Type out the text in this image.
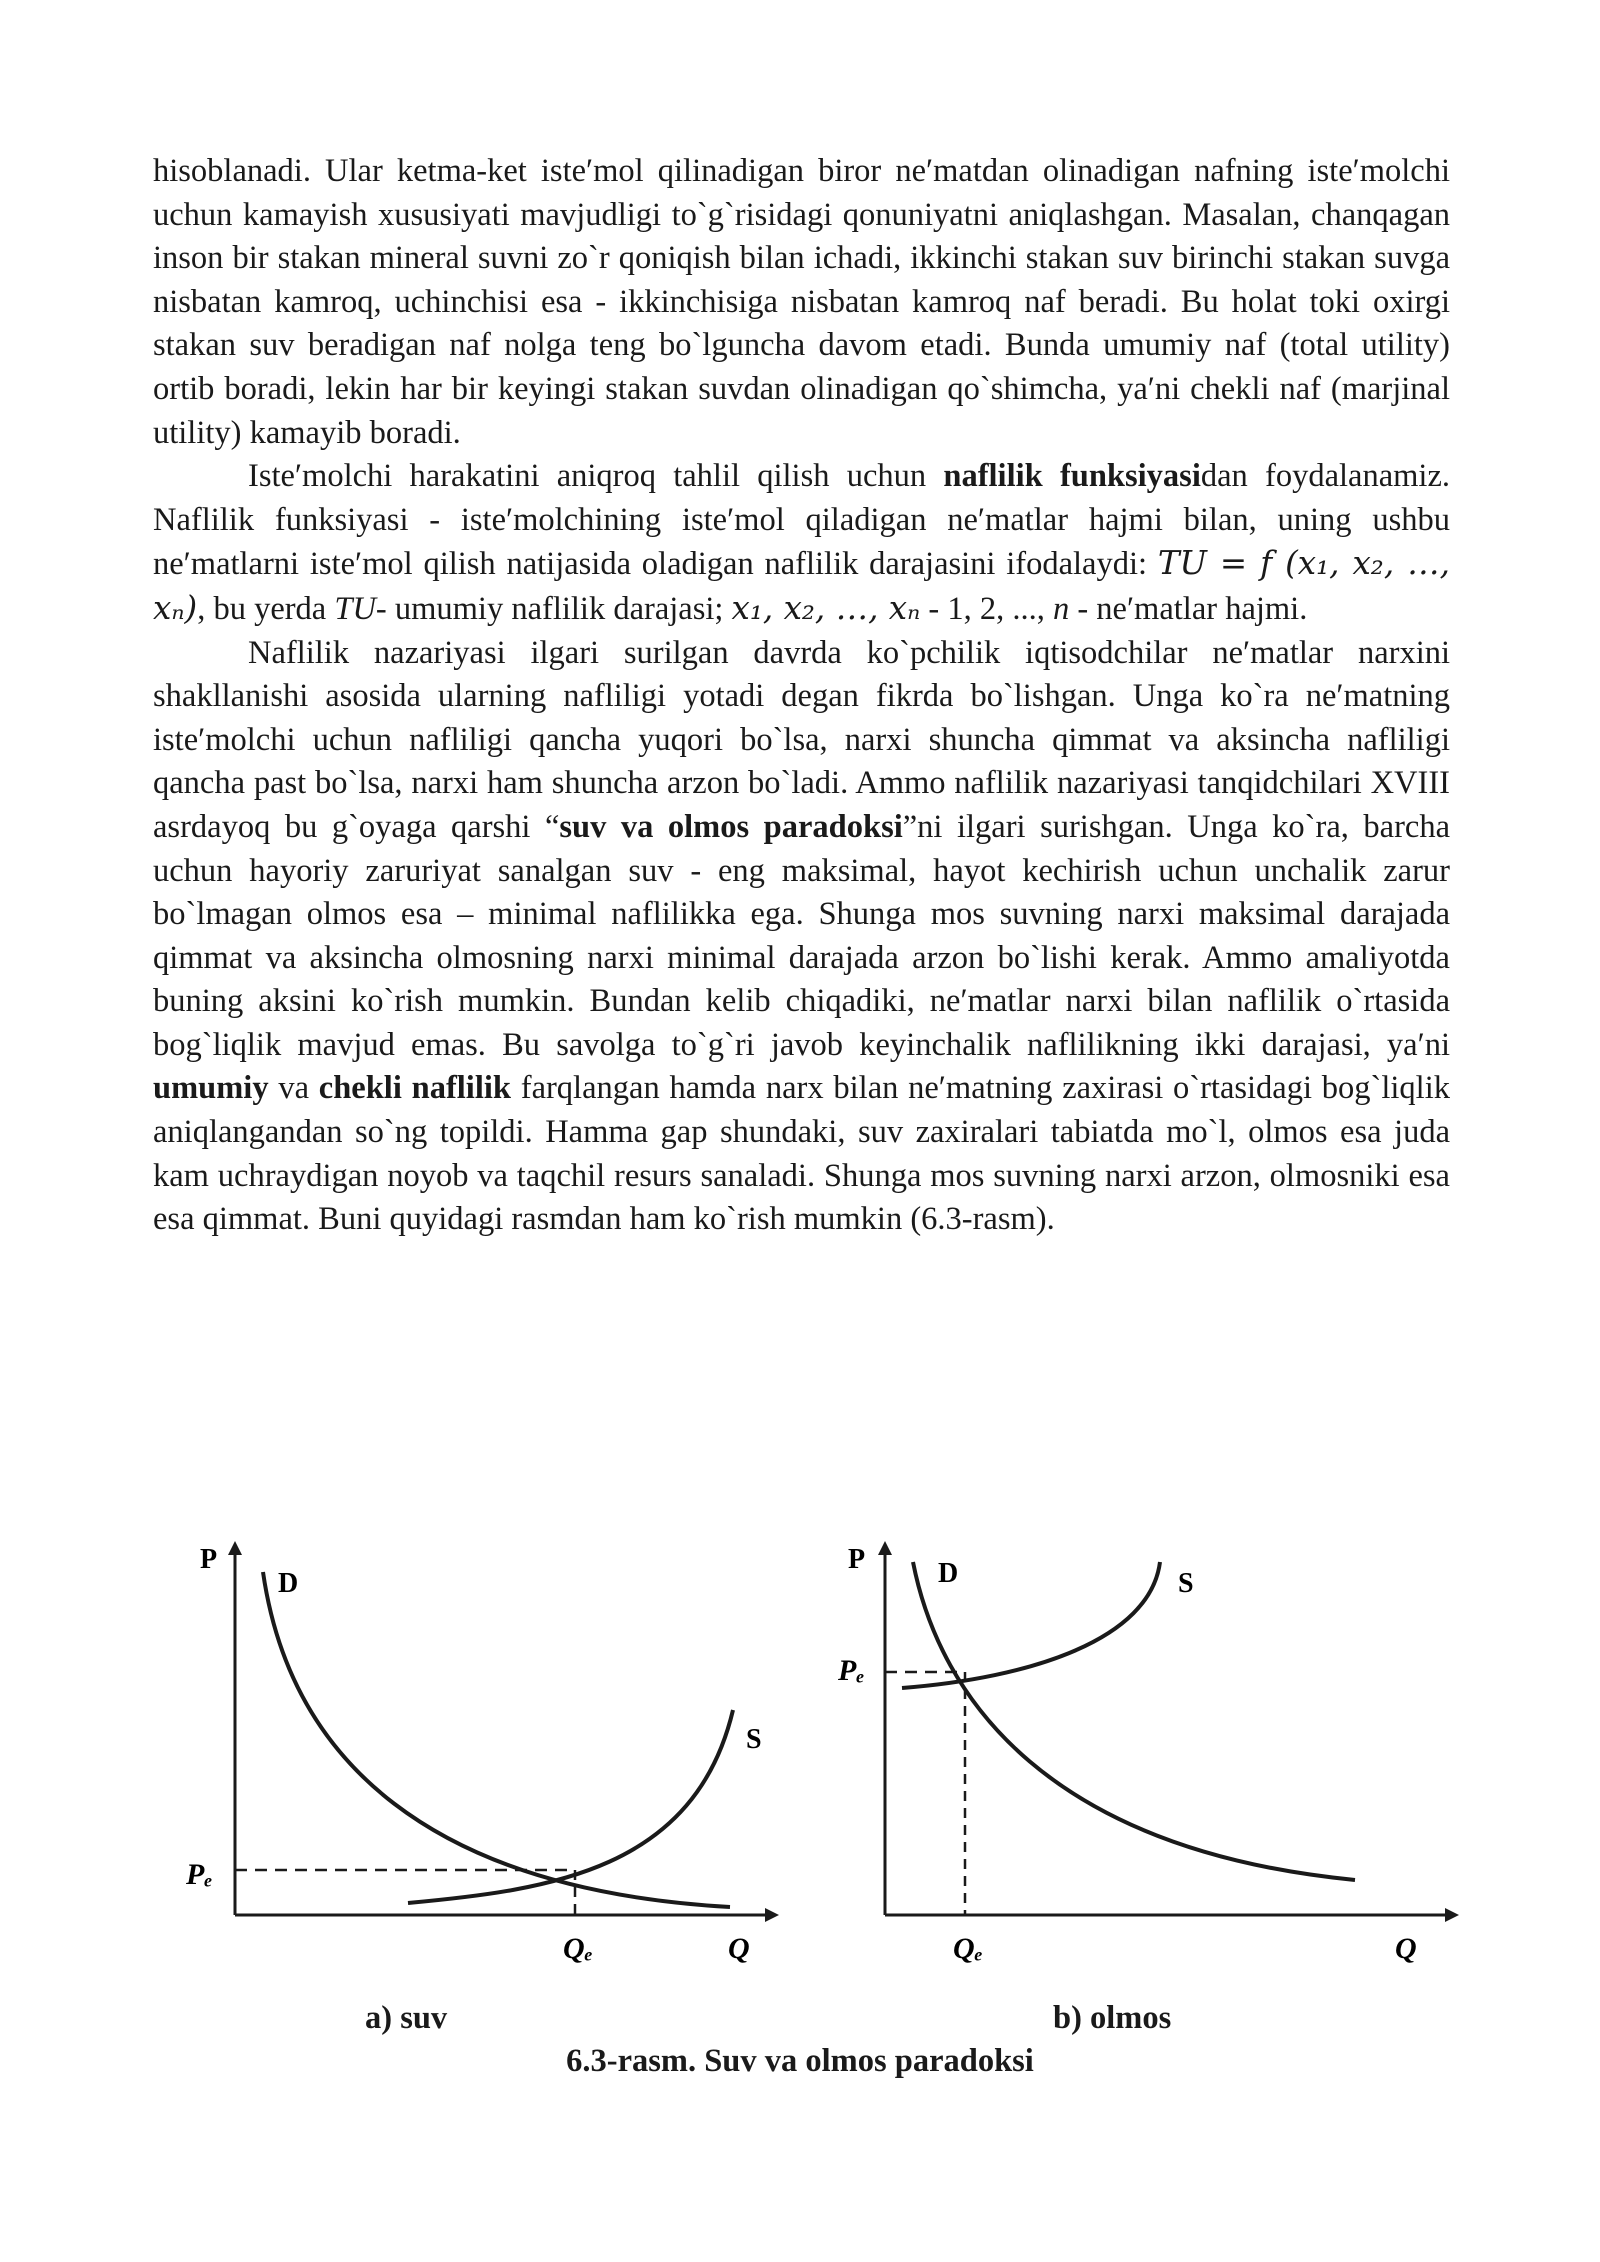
hisoblanadi. Ular ketma-ket iste′mol qilinadigan biror ne′matdan olinadigan nafning iste′molchi uchun kamayish xususiyati mavjudligi to`g`risidagi qonuniyatni aniqlashgan. Masalan, chanqagan inson bir stakan mineral suvni zo`r qoniqish bilan ichadi, ikkinchi stakan suv birinchi stakan suvga nisbatan kamroq, uchinchisi esa - ikkinchisiga nisbatan kamroq naf beradi. Bu holat toki oxirgi stakan suv beradigan naf nolga teng bo`lguncha davom etadi. Bunda umumiy naf (total utility) ortib boradi, lekin har bir keyingi stakan suvdan olinadigan qo`shimcha, ya′ni chekli naf (marjinal utility) kamayib boradi.

Iste′molchi harakatini aniqroq tahlil qilish uchun naflilik funksiyasidan foydalanamiz. Naflilik funksiyasi - iste′molchining iste′mol qiladigan ne′matlar hajmi bilan, uning ushbu ne′matlarni iste′mol qilish natijasida oladigan naflilik darajasini ifodalaydi: TU = f (x₁, x₂, …, xₙ), bu yerda TU- umumiy naflilik darajasi; x₁, x₂, …, xₙ - 1, 2, ..., n - ne′matlar hajmi.

Naflilik nazariyasi ilgari surilgan davrda ko`pchilik iqtisodchilar ne′matlar narxini shakllanishi asosida ularning nafliligi yotadi degan fikrda bo`lishgan. Unga ko`ra ne′matning iste′molchi uchun nafliligi qancha yuqori bo`lsa, narxi shuncha qimmat va aksincha nafliligi qancha past bo`lsa, narxi ham shuncha arzon bo`ladi. Ammo naflilik nazariyasi tanqidchilari XVIII asrdayoq bu g`oyaga qarshi “suv va olmos paradoksi”ni ilgari surishgan. Unga ko`ra, barcha uchun hayoriy zaruriyat sanalgan suv - eng maksimal, hayot kechirish uchun unchalik zarur bo`lmagan olmos esa – minimal naflilikka ega. Shunga mos suvning narxi maksimal darajada qimmat va aksincha olmosning narxi minimal darajada arzon bo`lishi kerak. Ammo amaliyotda buning aksini ko`rish mumkin. Bundan kelib chiqadiki, ne′matlar narxi bilan naflilik o`rtasida bog`liqlik mavjud emas. Bu savolga to`g`ri javob keyinchalik naflilikning ikki darajasi, ya′ni umumiy va chekli naflilik farqlangan hamda narx bilan ne′matning zaxirasi o`rtasidagi bog`liqlik aniqlangandan so`ng topildi. Hamma gap shundaki, suv zaxiralari tabiatda mo`l, olmos esa juda kam uchraydigan noyob va taqchil resurs sanaladi. Shunga mos suvning narxi arzon, olmosniki esa esa qimmat. Buni quyidagi rasmdan ham ko`rish mumkin (6.3-rasm).

P
D
S
Pₑ
Qₑ	Q
P	D	S
Pₑ
Qₑ	Q
a) suv	b) olmos
6.3-rasm. Suv va olmos paradoksi
